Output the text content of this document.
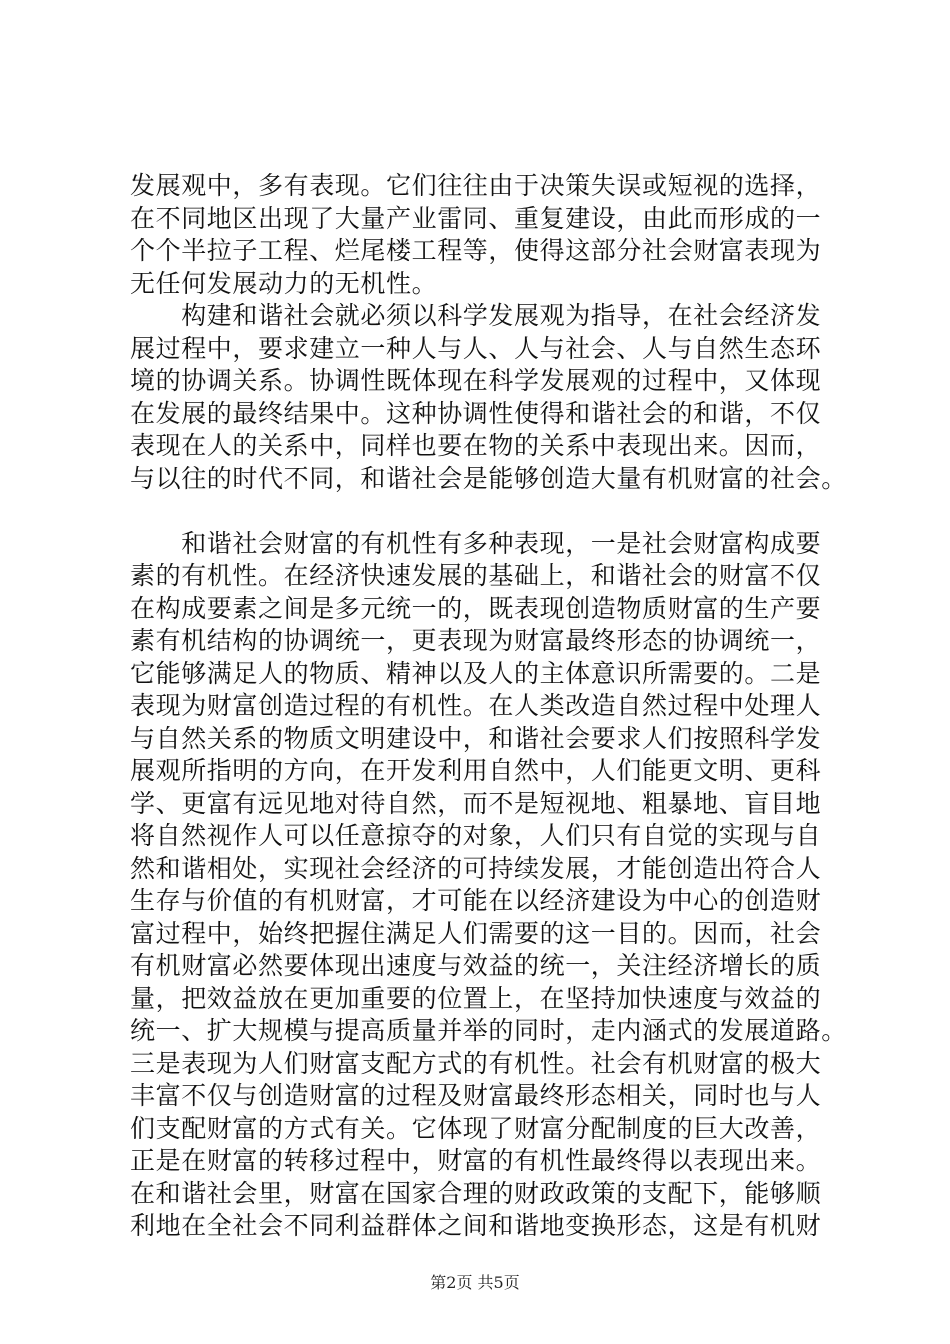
发展观中，多有表现。它们往往由于决策失误或短视的选择，
在不同地区出现了大量产业雷同、重复建设，由此而形成的一
个个半拉子工程、烂尾楼工程等，使得这部分社会财富表现为
无任何发展动力的无机性。
　　构建和谐社会就必须以科学发展观为指导，在社会经济发
展过程中，要求建立一种人与人、人与社会、人与自然生态环
境的协调关系。协调性既体现在科学发展观的过程中，又体现
在发展的最终结果中。这种协调性使得和谐社会的和谐，不仅
表现在人的关系中，同样也要在物的关系中表现出来。因而，
与以往的时代不同，和谐社会是能够创造大量有机财富的社会。
　　和谐社会财富的有机性有多种表现，一是社会财富构成要
素的有机性。在经济快速发展的基础上，和谐社会的财富不仅
在构成要素之间是多元统一的，既表现创造物质财富的生产要
素有机结构的协调统一，更表现为财富最终形态的协调统一，
它能够满足人的物质、精神以及人的主体意识所需要的。二是
表现为财富创造过程的有机性。在人类改造自然过程中处理人
与自然关系的物质文明建设中，和谐社会要求人们按照科学发
展观所指明的方向，在开发利用自然中，人们能更文明、更科
学、更富有远见地对待自然，而不是短视地、粗暴地、盲目地
将自然视作人可以任意掠夺的对象，人们只有自觉的实现与自
然和谐相处，实现社会经济的可持续发展，才能创造出符合人
生存与价值的有机财富，才可能在以经济建设为中心的创造财
富过程中，始终把握住满足人们需要的这一目的。因而，社会
有机财富必然要体现出速度与效益的统一，关注经济增长的质
量，把效益放在更加重要的位置上，在坚持加快速度与效益的
统一、扩大规模与提高质量并举的同时，走内涵式的发展道路。
三是表现为人们财富支配方式的有机性。社会有机财富的极大
丰富不仅与创造财富的过程及财富最终形态相关，同时也与人
们支配财富的方式有关。它体现了财富分配制度的巨大改善，
正是在财富的转移过程中，财富的有机性最终得以表现出来。
在和谐社会里，财富在国家合理的财政政策的支配下，能够顺
利地在全社会不同利益群体之间和谐地变换形态，这是有机财
第2页 共5页
